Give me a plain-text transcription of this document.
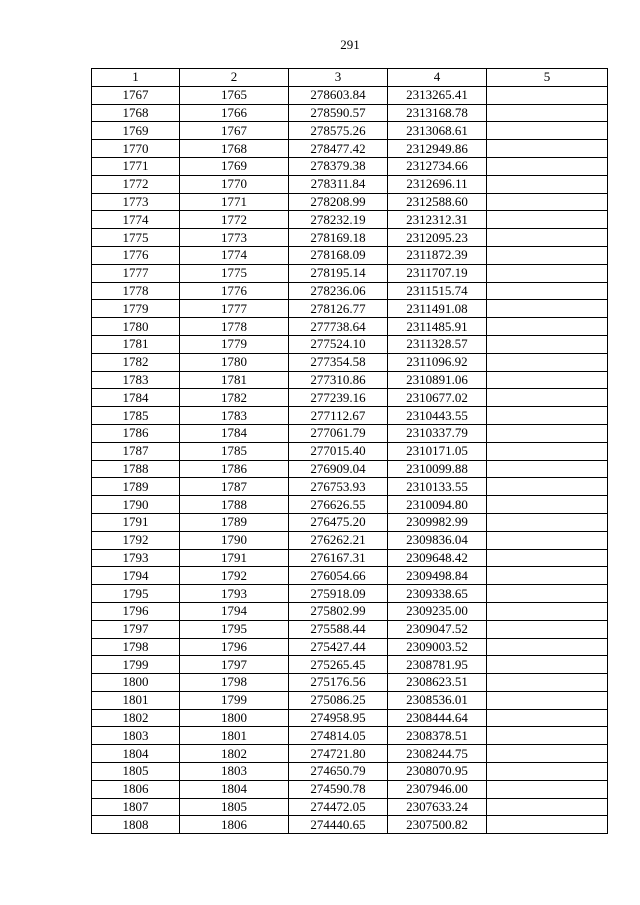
291
1	2	3	4	5
1767	1765	278603.84	2313265.41	
1768	1766	278590.57	2313168.78	
1769	1767	278575.26	2313068.61	
1770	1768	278477.42	2312949.86	
1771	1769	278379.38	2312734.66	
1772	1770	278311.84	2312696.11	
1773	1771	278208.99	2312588.60	
1774	1772	278232.19	2312312.31	
1775	1773	278169.18	2312095.23	
1776	1774	278168.09	2311872.39	
1777	1775	278195.14	2311707.19	
1778	1776	278236.06	2311515.74	
1779	1777	278126.77	2311491.08	
1780	1778	277738.64	2311485.91	
1781	1779	277524.10	2311328.57	
1782	1780	277354.58	2311096.92	
1783	1781	277310.86	2310891.06	
1784	1782	277239.16	2310677.02	
1785	1783	277112.67	2310443.55	
1786	1784	277061.79	2310337.79	
1787	1785	277015.40	2310171.05	
1788	1786	276909.04	2310099.88	
1789	1787	276753.93	2310133.55	
1790	1788	276626.55	2310094.80	
1791	1789	276475.20	2309982.99	
1792	1790	276262.21	2309836.04	
1793	1791	276167.31	2309648.42	
1794	1792	276054.66	2309498.84	
1795	1793	275918.09	2309338.65	
1796	1794	275802.99	2309235.00	
1797	1795	275588.44	2309047.52	
1798	1796	275427.44	2309003.52	
1799	1797	275265.45	2308781.95	
1800	1798	275176.56	2308623.51	
1801	1799	275086.25	2308536.01	
1802	1800	274958.95	2308444.64	
1803	1801	274814.05	2308378.51	
1804	1802	274721.80	2308244.75	
1805	1803	274650.79	2308070.95	
1806	1804	274590.78	2307946.00	
1807	1805	274472.05	2307633.24	
1808	1806	274440.65	2307500.82	
